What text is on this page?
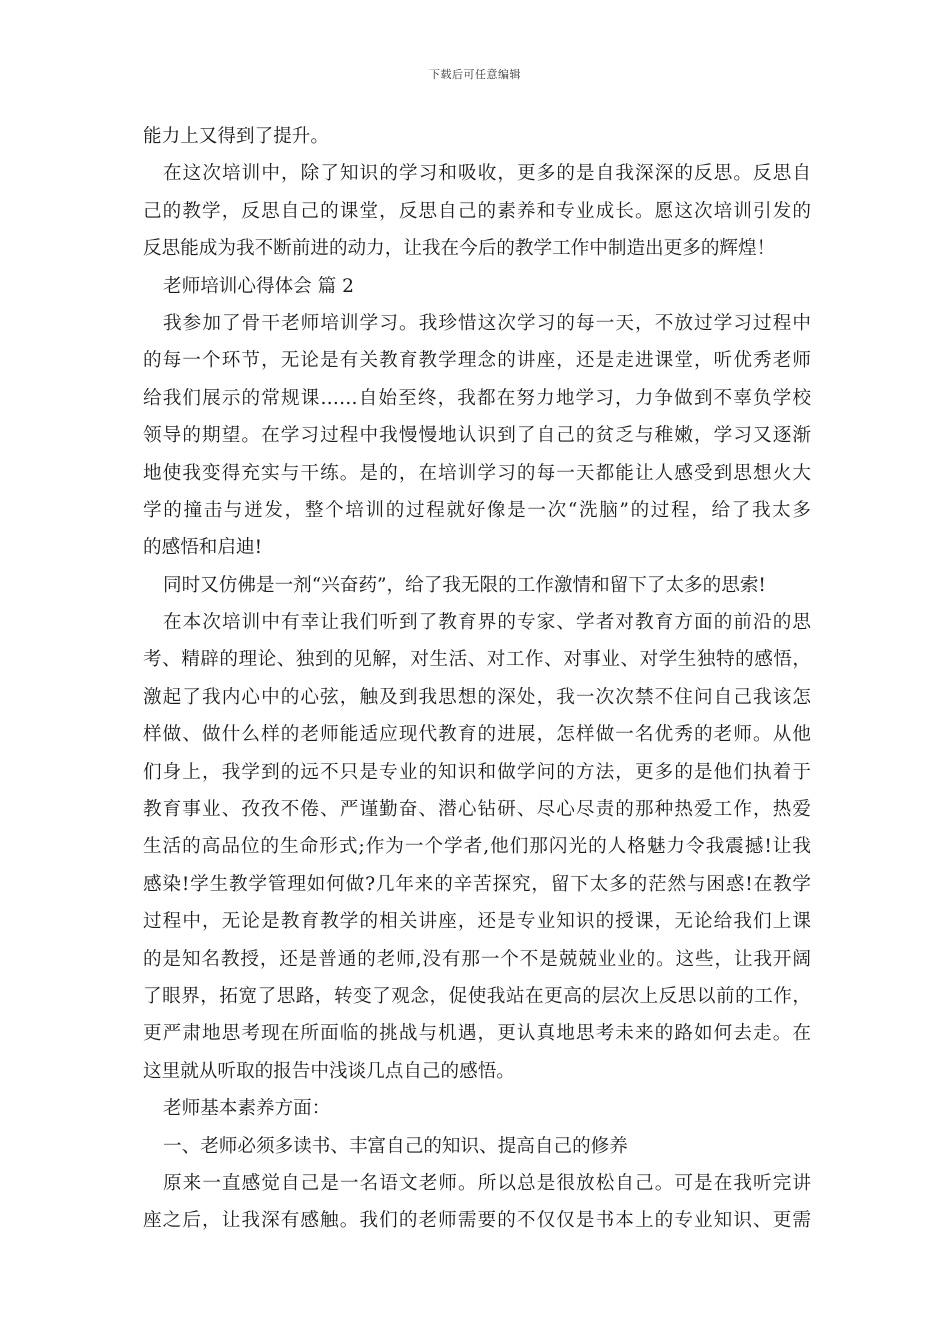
下载后可任意编辑
能力上又得到了提升。
在这次培训中，除了知识的学习和吸收，更多的是自我深深的反思。反思自
己的教学，反思自己的课堂，反思自己的素养和专业成长。愿这次培训引发的
反思能成为我不断前进的动力，让我在今后的教学工作中制造出更多的辉煌！
老师培训心得体会 篇 2
我参加了骨干老师培训学习。我珍惜这次学习的每一天，不放过学习过程中
的每一个环节，无论是有关教育教学理念的讲座，还是走进课堂，听优秀老师
给我们展示的常规课……自始至终，我都在努力地学习，力争做到不辜负学校
领导的期望。在学习过程中我慢慢地认识到了自己的贫乏与稚嫩，学习又逐渐
地使我变得充实与干练。是的，在培训学习的每一天都能让人感受到思想火大
学的撞击与迸发，整个培训的过程就好像是一次“洗脑”的过程，给了我太多
的感悟和启迪!
同时又仿佛是一剂“兴奋药”，给了我无限的工作激情和留下了太多的思索!
在本次培训中有幸让我们听到了教育界的专家、学者对教育方面的前沿的思
考、精辟的理论、独到的见解，对生活、对工作、对事业、对学生独特的感悟，
激起了我内心中的心弦，触及到我思想的深处，我一次次禁不住问自己我该怎
样做、做什么样的老师能适应现代教育的进展，怎样做一名优秀的老师。从他
们身上，我学到的远不只是专业的知识和做学问的方法，更多的是他们执着于
教育事业、孜孜不倦、严谨勤奋、潜心钻研、尽心尽责的那种热爱工作，热爱
生活的高品位的生命形式;作为一个学者,他们那闪光的人格魅力令我震撼!让我
感染!学生教学管理如何做?几年来的辛苦探究，留下太多的茫然与困惑!在教学
过程中，无论是教育教学的相关讲座，还是专业知识的授课，无论给我们上课
的是知名教授，还是普通的老师,没有那一个不是兢兢业业的。这些，让我开阔
了眼界，拓宽了思路，转变了观念，促使我站在更高的层次上反思以前的工作，
更严肃地思考现在所面临的挑战与机遇，更认真地思考未来的路如何去走。在
这里就从听取的报告中浅谈几点自己的感悟。
老师基本素养方面：
一、老师必须多读书、丰富自己的知识、提高自己的修养
原来一直感觉自己是一名语文老师。所以总是很放松自己。可是在我听完讲
座之后，让我深有感触。我们的老师需要的不仅仅是书本上的专业知识、更需
